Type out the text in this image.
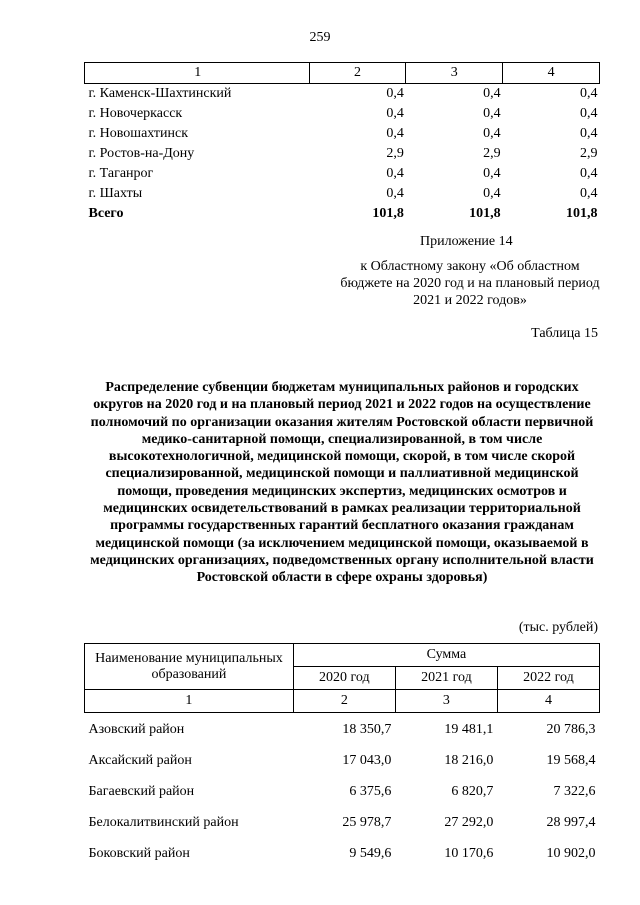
259
1	2	3	4
г. Каменск-Шахтинский	0,4	0,4	0,4
г. Новочеркасск	0,4	0,4	0,4
г. Новошахтинск	0,4	0,4	0,4
г. Ростов-на-Дону	2,9	2,9	2,9
г. Таганрог	0,4	0,4	0,4
г. Шахты	0,4	0,4	0,4
Всего	101,8	101,8	101,8
Приложение 14
к Областному закону «Об областном бюджете на 2020 год и на плановый период 2021 и 2022 годов»
Таблица 15
Распределение субвенции бюджетам муниципальных районов и городских округов на 2020 год и на плановый период 2021 и 2022 годов на осуществление полномочий по организации оказания жителям Ростовской области первичной медико-санитарной помощи, специализированной, в том числе высокотехнологичной, медицинской помощи, скорой, в том числе скорой специализированной, медицинской помощи и паллиативной медицинской помощи, проведения медицинских экспертиз, медицинских осмотров и медицинских освидетельствований в рамках реализации территориальной программы государственных гарантий бесплатного оказания гражданам медицинской помощи (за исключением медицинской помощи, оказываемой в медицинских организациях, подведомственных органу исполнительной власти Ростовской области в сфере охраны здоровья)
(тыс. рублей)
Наименование муниципальных образований	Сумма		
	2020 год	2021 год	2022 год
1	2	3	4
Азовский район	18 350,7	19 481,1	20 786,3
Аксайский район	17 043,0	18 216,0	19 568,4
Багаевский район	6 375,6	6 820,7	7 322,6
Белокалитвинский район	25 978,7	27 292,0	28 997,4
Боковский район	9 549,6	10 170,6	10 902,0
